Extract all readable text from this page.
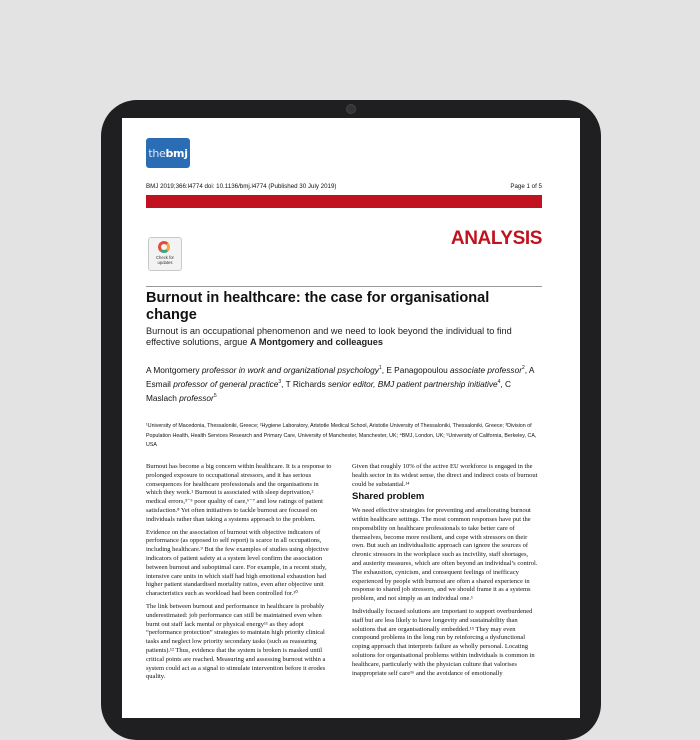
the bmj
BMJ 2019;366:l4774 doi: 10.1136/bmj.l4774 (Published 30 July 2019)	Page 1 of 5
ANALYSIS
Check for updates
Burnout in healthcare: the case for organisational change
Burnout is an occupational phenomenon and we need to look beyond the individual to find effective solutions, argue A Montgomery and colleagues
A Montgomery professor in work and organizational psychology$^1$, E Panagopoulou associate professor$^2$, A Esmail professor of general practice$^3$, T Richards senior editor, BMJ patient partnership initiative$^4$, C Maslach professor$^5$
¹University of Macedonia, Thessaloniki, Greece; ²Hygiene Laboratory, Aristotle Medical School, Aristotle University of Thessaloniki, Thessaloniki, Greece; ³Division of Population Health, Health Services Research and Primary Care, University of Manchester, Manchester, UK; ⁴BMJ, London, UK; ⁵University of California, Berkeley, CA, USA

Burnout has become a big concern within healthcare. It is a response to prolonged exposure to occupational stressors, and it has serious consequences for healthcare professionals and the organisations in which they work.¹ Burnout is associated with sleep deprivation,² medical errors,³⁻⁵ poor quality of care,⁶⁻⁷ and low ratings of patient satisfaction.⁸ Yet often initiatives to tackle burnout are focused on individuals rather than taking a systems approach to the problem.

Evidence on the association of burnout with objective indicators of performance (as opposed to self report) is scarce in all occupations, including healthcare.⁹ But the few examples of studies using objective indicators of patient safety at a system level confirm the association between burnout and suboptimal care. For example, in a recent study, intensive care units in which staff had high emotional exhaustion had higher patient standardised mortality ratios, even after objective unit characteristics such as workload had been controlled for.¹⁰

The link between burnout and performance in healthcare is probably underestimated: job performance can still be maintained even when burnt out staff lack mental or physical energy¹¹ as they adopt “performance protection” strategies to maintain high priority clinical tasks and neglect low priority secondary tasks (such as reassuring patients).¹² Thus, evidence that the system is broken is masked until critical points are reached. Measuring and assessing burnout within a system could act as a signal to stimulate intervention before it erodes quality.

Given that roughly 10% of the active EU workforce is engaged in the health sector in its widest sense, the direct and indirect costs of burnout could be substantial.¹⁴

Shared problem

We need effective strategies for preventing and ameliorating burnout within healthcare settings. The most common responses have put the responsibility on healthcare professionals to take better care of themselves, become more resilient, and cope with stressors on their own. But such an individualistic approach can ignore the sources of chronic stressors in the workplace such as incivility, staff shortages, and austerity measures, which are often beyond an individual’s control. The exhaustion, cynicism, and consequent feelings of inefficacy experienced by people with burnout are often a shared experience in response to shared job stressors, and we should frame it as a systems problem, and not simply as an individual one.¹

Individually focused solutions are important to support overburdened staff but are less likely to have longevity and sustainability than solutions that are organisationally embedded.¹⁵ They may even compound problems in the long run by reinforcing a dysfunctional coping approach that interprets failure as wholly personal. Locating solutions for organisational problems within individuals is common in healthcare, particularly with the physician culture that valorises inappropriate self care¹⁶ and the avoidance of emotionally
